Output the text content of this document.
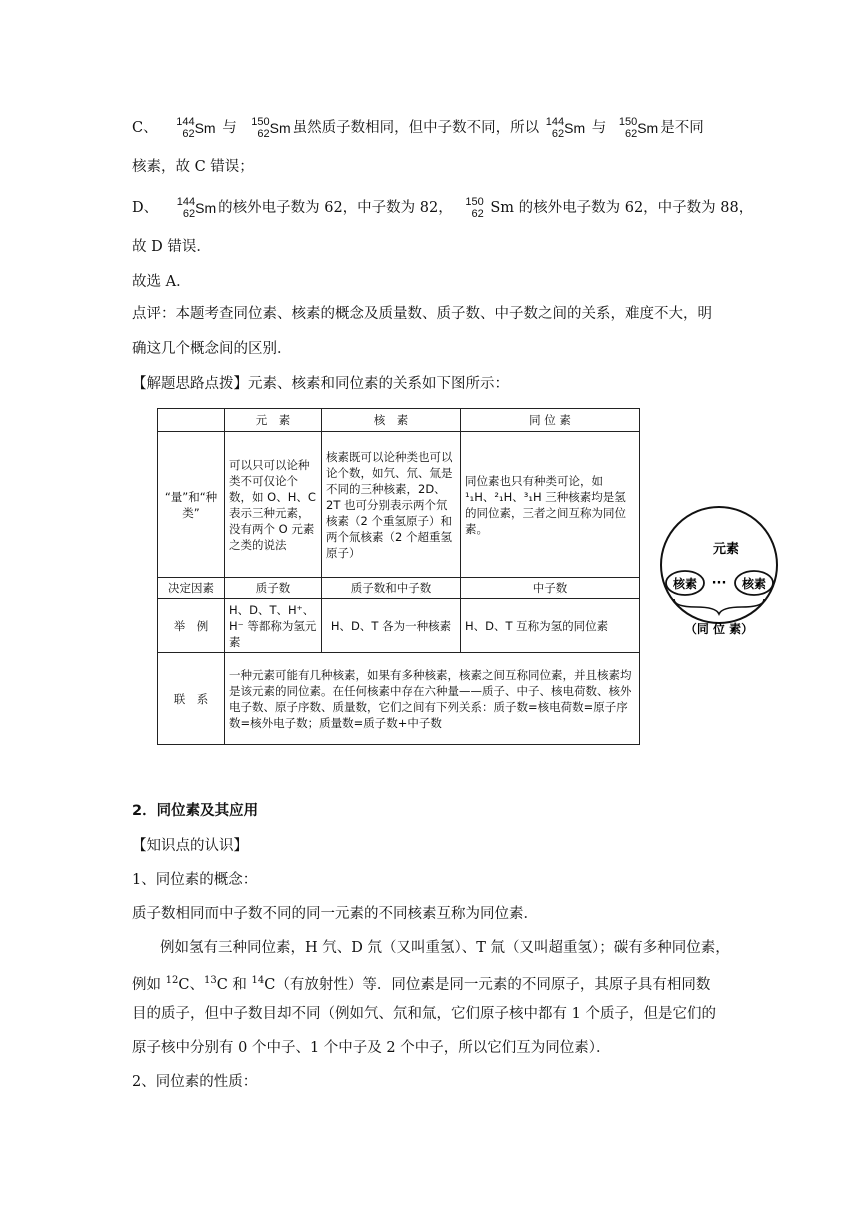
C、 144
62 Sm 与 150
62 Sm 虽然质子数相同，但中子数不同，所以 144
62 Sm 与 150
62 Sm 是不同
核素，故 C 错误；
D、 144
62 Sm 的核外电子数为 62，中子数为 82， 150
62 Sm 的核外电子数为 62，中子数为 88，
故 D 错误．
故选 A．
点评：本题考查同位素、核素的概念及质量数、质子数、中子数之间的关系，难度不大，明
确这几个概念间的区别．
【解题思路点拨】元素、核素和同位素的关系如下图所示：
	元　素	核　素	同 位 素
“量”和“种类”	可以只可以论种类不可仅论个数，如 O、H、C 表示三种元素，没有两个 O 元素之类的说法	核素既可以论种类也可以论个数，如氕、氘、氚是不同的三种核素，2D、2T 也可分别表示两个氘核素（2 个重氢原子）和两个氚核素（2 个超重氢原子）	同位素也只有种类可论，如 ¹₁H、²₁H、³₁H 三种核素均是氢的同位素，三者之间互称为同位素。
决定因素	质子数	质子数和中子数	中子数
举　例	H、D、T、H⁺、H⁻ 等都称为氢元素	H、D、T 各为一种核素	H、D、T 互称为氢的同位素
联　系	一种元素可能有几种核素，如果有多种核素，核素之间互称同位素，并且核素均是该元素的同位素。在任何核素中存在六种量——质子、中子、核电荷数、核外电子数、原子序数、质量数，它们之间有下列关系：质子数=核电荷数=原子序数=核外电子数；质量数=质子数+中子数		
元素
核素 ··· 核素
（同 位 素）
2．同位素及其应用
【知识点的认识】
1、同位素的概念：
质子数相同而中子数不同的同一元素的不同核素互称为同位素．
例如氢有三种同位素，H 氕、D 氘（又叫重氢）、T 氚（又叫超重氢）；碳有多种同位素，
例如 $^{12}$C、$^{13}$C 和 $^{14}$C（有放射性）等．同位素是同一元素的不同原子，其原子具有相同数
目的质子，但中子数目却不同（例如氕、氘和氚，它们原子核中都有 1 个质子，但是它们的
原子核中分别有 0 个中子、1 个中子及 2 个中子，所以它们互为同位素）．
2、同位素的性质：
